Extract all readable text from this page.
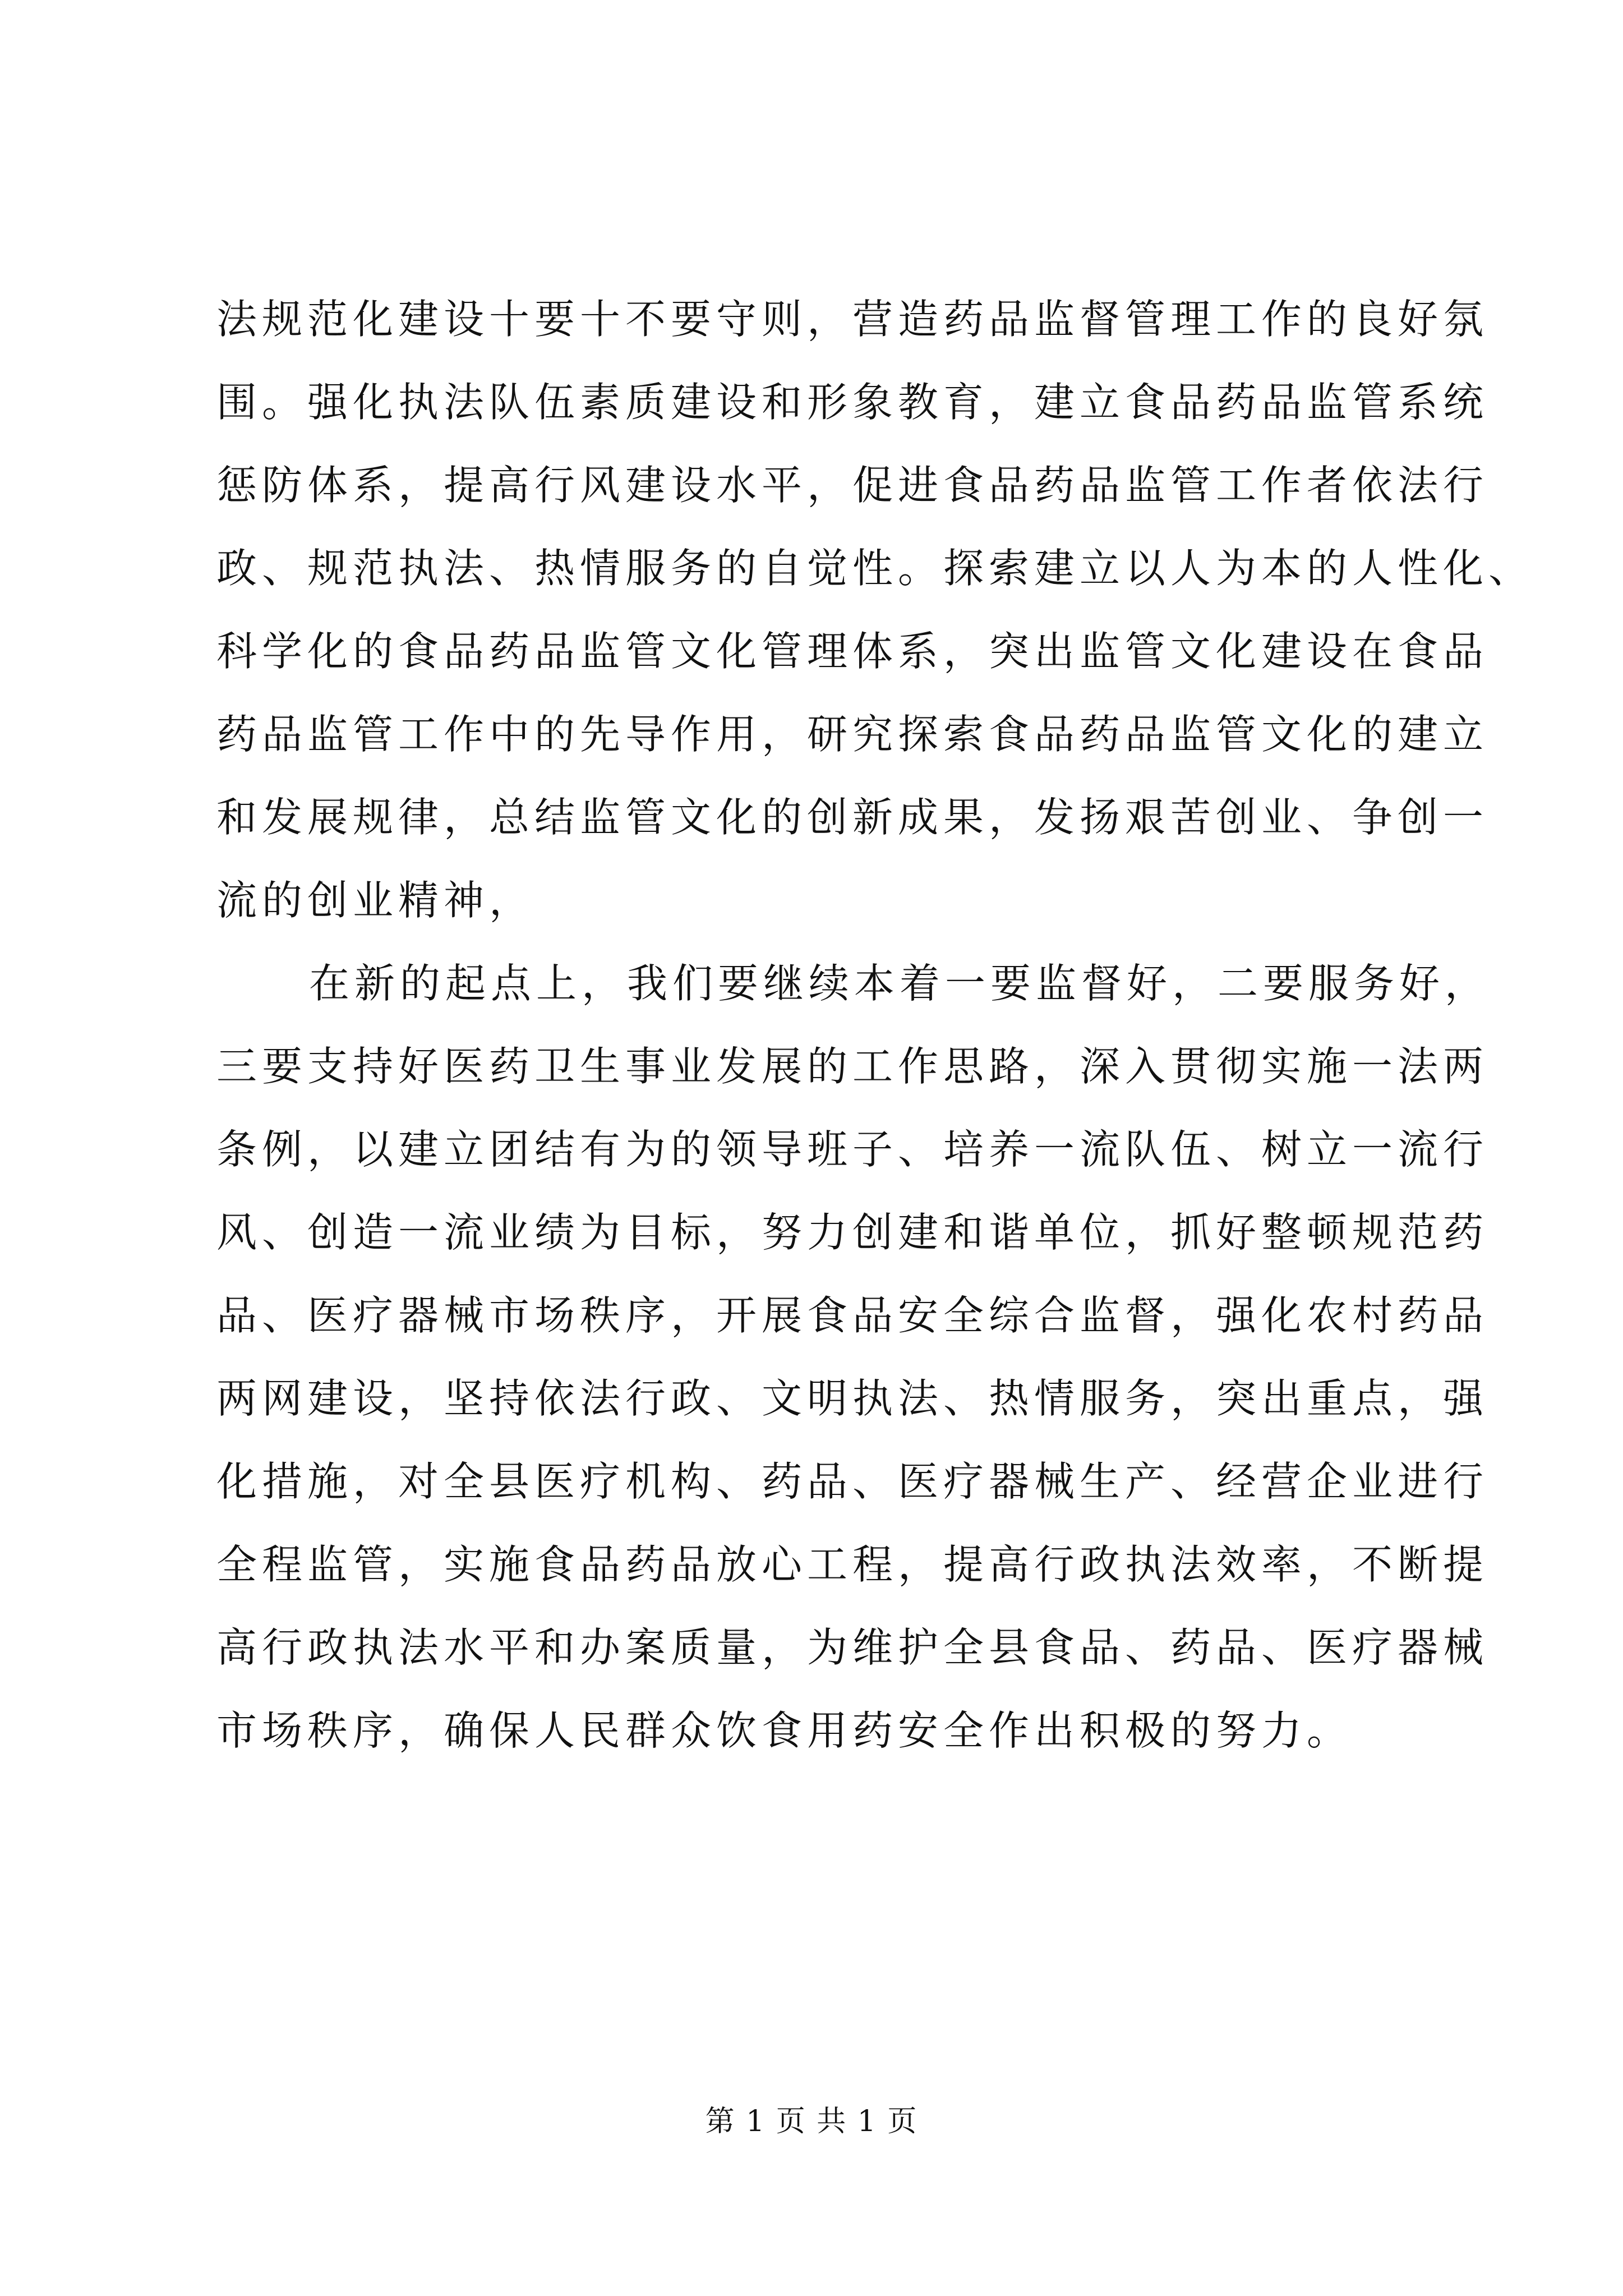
法规范化建设十要十不要守则，营造药品监督管理工作的良好氛
围。强化执法队伍素质建设和形象教育，建立食品药品监管系统
惩防体系，提高行风建设水平，促进食品药品监管工作者依法行
政、规范执法、热情服务的自觉性。探索建立以人为本的人性化、
科学化的食品药品监管文化管理体系，突出监管文化建设在食品
药品监管工作中的先导作用，研究探索食品药品监管文化的建立
和发展规律，总结监管文化的创新成果，发扬艰苦创业、争创一
流的创业精神，
在新的起点上，我们要继续本着一要监督好，二要服务好，
三要支持好医药卫生事业发展的工作思路，深入贯彻实施一法两
条例，以建立团结有为的领导班子、培养一流队伍、树立一流行
风、创造一流业绩为目标，努力创建和谐单位，抓好整顿规范药
品、医疗器械市场秩序，开展食品安全综合监督，强化农村药品
两网建设，坚持依法行政、文明执法、热情服务，突出重点，强
化措施，对全县医疗机构、药品、医疗器械生产、经营企业进行
全程监管，实施食品药品放心工程，提高行政执法效率，不断提
高行政执法水平和办案质量，为维护全县食品、药品、医疗器械
市场秩序，确保人民群众饮食用药安全作出积极的努力。
第 1 页 共 1 页
